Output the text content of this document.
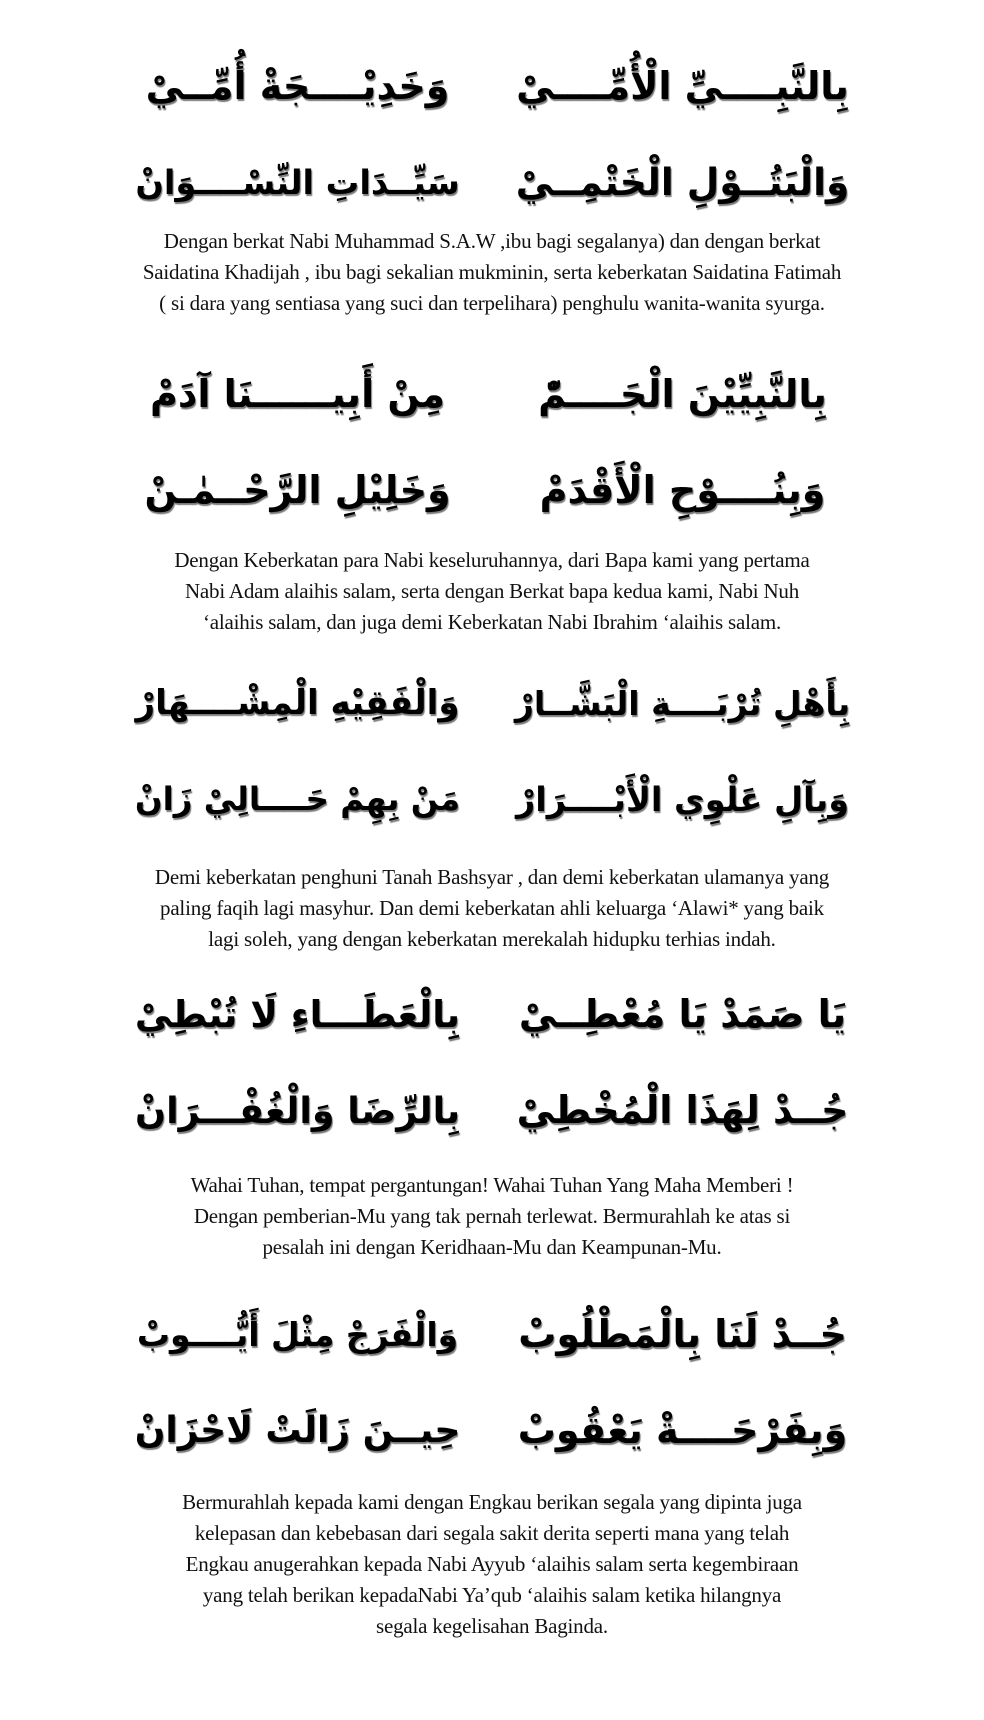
بِالنَّبِــــيِّ الْأُمِّــــيْ
وَخَدِيْــــجَةْ أُمِّــيْ
وَالْبَتُــوْلِ الْخَتْمِــيْ
سَيِّــدَاتِ النِّسْــــوَانْ
Dengan berkat Nabi Muhammad S.A.W ,ibu bagi segalanya) dan dengan berkat
Saidatina Khadijah , ibu bagi sekalian mukminin, serta keberkatan Saidatina Fatimah
( si dara yang sentiasa yang suci dan terpelihara) penghulu wanita-wanita syurga.
بِالنَّبِيِّيْنَ الْجَــــمّْ
مِنْ أَبِيــــــنَا آدَمْ
وَبِنُــــوْحِ الْأَقْدَمْ
وَخَلِيْلِ الرَّحْــمٰـنْ
Dengan Keberkatan para Nabi keseluruhannya, dari Bapa kami yang pertama
Nabi Adam alaihis salam, serta dengan Berkat bapa kedua kami, Nabi Nuh
‘alaihis salam, dan juga demi Keberkatan Nabi Ibrahim ‘alaihis salam.
بِأَهْلِ تُرْبَــــةِ الْبَشَّــارْ
وَالْفَقِيْهِ الْمِشْــــهَارْ
وَبِآلِ عَلْوِي الْأَبْــــرَارْ
مَنْ بِهِمْ حَــــالِيْ زَانْ
Demi keberkatan penghuni Tanah Bashsyar , dan demi keberkatan ulamanya yang
paling faqih lagi masyhur. Dan demi keberkatan ahli keluarga ‘Alawi* yang baik
lagi soleh, yang dengan keberkatan merekalah hidupku terhias indah.
يَا صَمَدْ يَا مُعْطِــيْ
بِالْعَطَـــاءِ لَا تُبْطِيْ
جُــدْ لِهَذَا الْمُخْطِيْ
بِالرِّضَا وَالْغُفْـــرَانْ
Wahai Tuhan, tempat pergantungan! Wahai Tuhan Yang Maha Memberi !
Dengan pemberian-Mu yang tak pernah terlewat. Bermurahlah ke atas si
pesalah ini dengan Keridhaan-Mu dan Keampunan-Mu.
جُــدْ لَنَا بِالْمَطْلُوبْ
وَالْفَرَجْ مِثْلَ أَيُّــــوبْ
وَبِفَرْحَــــةْ يَعْقُوبْ
حِيــنَ زَالَتْ لَاحْزَانْ
Bermurahlah kepada kami dengan Engkau berikan segala yang dipinta juga
kelepasan dan kebebasan dari segala sakit derita seperti mana yang telah
Engkau anugerahkan kepada Nabi Ayyub ‘alaihis salam serta kegembiraan
yang telah berikan kepadaNabi Ya’qub ‘alaihis salam ketika hilangnya
segala kegelisahan Baginda.
